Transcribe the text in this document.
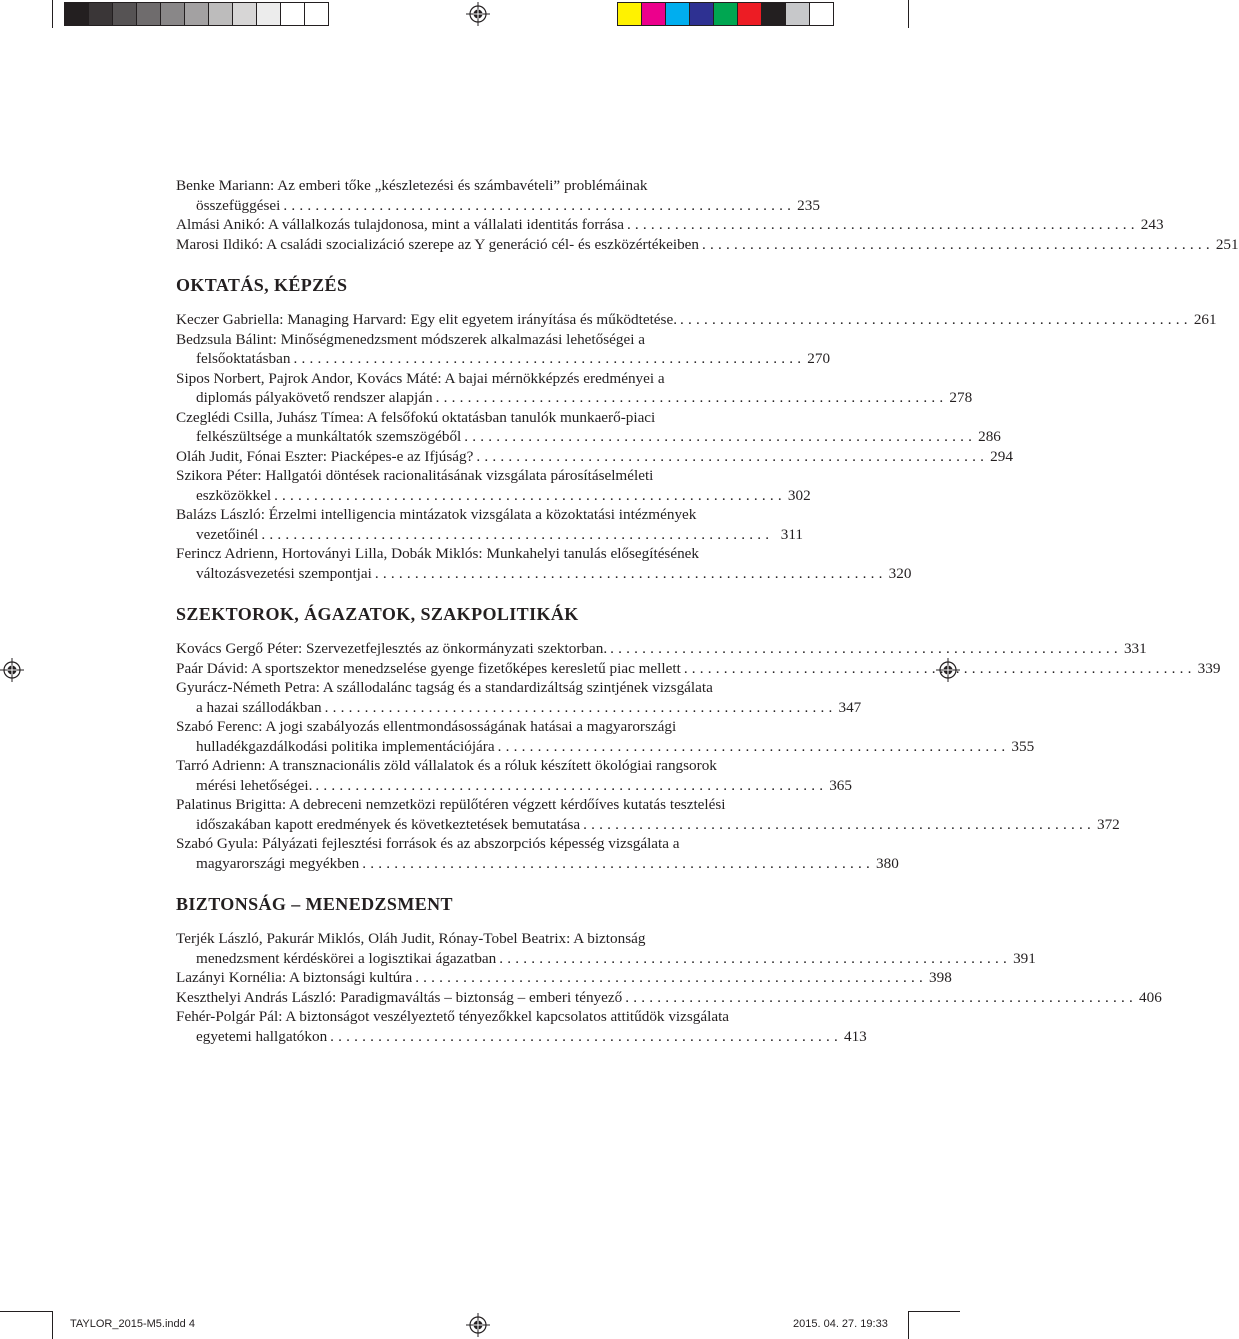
TAYLOR_2015-M5.indd 4	2015. 04. 27. 19:33
Benke Mariann: Az emberi tőke „készletezési és számbavételi” problémáinak
összefüggései ................................................................ 235
Almási Anikó: A vállalkozás tulajdonosa, mint a vállalati identitás forrása ................................................................ 243
Marosi Ildikó: A családi szocializáció szerepe az Y generáció cél- és eszközértékeiben ................................................................ 251
OKTATÁS, KÉPZÉS
Keczer Gabriella: Managing Harvard: Egy elit egyetem irányítása és működtetése. ................................................................ 261
Bedzsula Bálint: Minőségmenedzsment módszerek alkalmazási lehetőségei a
felsőoktatásban ................................................................ 270
Sipos Norbert, Pajrok Andor, Kovács Máté: A bajai mérnökképzés eredményei a
diplomás pályakövető rendszer alapján ................................................................ 278
Czeglédi Csilla, Juhász Tímea: A felsőfokú oktatásban tanulók munkaerő-piaci
felkészültsége a munkáltatók szemszögéből ................................................................ 286
Oláh Judit, Fónai Eszter: Piacképes-e az Ifjúság? ................................................................ 294
Szikora Péter: Hallgatói döntések racionalitásának vizsgálata párosításelméleti
eszközökkel ................................................................ 302
Balázs László: Érzelmi intelligencia mintázatok vizsgálata a közoktatási intézmények
vezetőinél ................................................................ 311
Ferincz Adrienn, Hortoványi Lilla, Dobák Miklós: Munkahelyi tanulás elősegítésének
változásvezetési szempontjai ................................................................ 320
SZEKTOROK, ÁGAZATOK, SZAKPOLITIKÁK
Kovács Gergő Péter: Szervezetfejlesztés az önkormányzati szektorban. ................................................................ 331
Paár Dávid: A sportszektor menedzselése gyenge fizetőképes keresletű piac mellett ................................................................ 339
Gyurácz-Németh Petra: A szállodalánc tagság és a standardizáltság szintjének vizsgálata
a hazai szállodákban ................................................................ 347
Szabó Ferenc: A jogi szabályozás ellentmondásosságának hatásai a magyarországi
hulladékgazdálkodási politika implementációjára ................................................................ 355
Tarró Adrienn: A transznacionális zöld vállalatok és a róluk készített ökológiai rangsorok
mérési lehetőségei. ................................................................ 365
Palatinus Brigitta: A debreceni nemzetközi repülőtéren végzett kérdőíves kutatás tesztelési
időszakában kapott eredmények és következtetések bemutatása ................................................................ 372
Szabó Gyula: Pályázati fejlesztési források és az abszorpciós képesség vizsgálata a
magyarországi megyékben ................................................................ 380
BIZTONSÁG – MENEDZSMENT
Terjék László, Pakurár Miklós, Oláh Judit, Rónay-Tobel Beatrix: A biztonság
menedzsment kérdéskörei a logisztikai ágazatban ................................................................ 391
Lazányi Kornélia: A biztonsági kultúra ................................................................ 398
Keszthelyi András László: Paradigmaváltás – biztonság – emberi tényező ................................................................ 406
Fehér-Polgár Pál: A biztonságot veszélyeztető tényezőkkel kapcsolatos attitűdök vizsgálata
egyetemi hallgatókon ................................................................ 413
